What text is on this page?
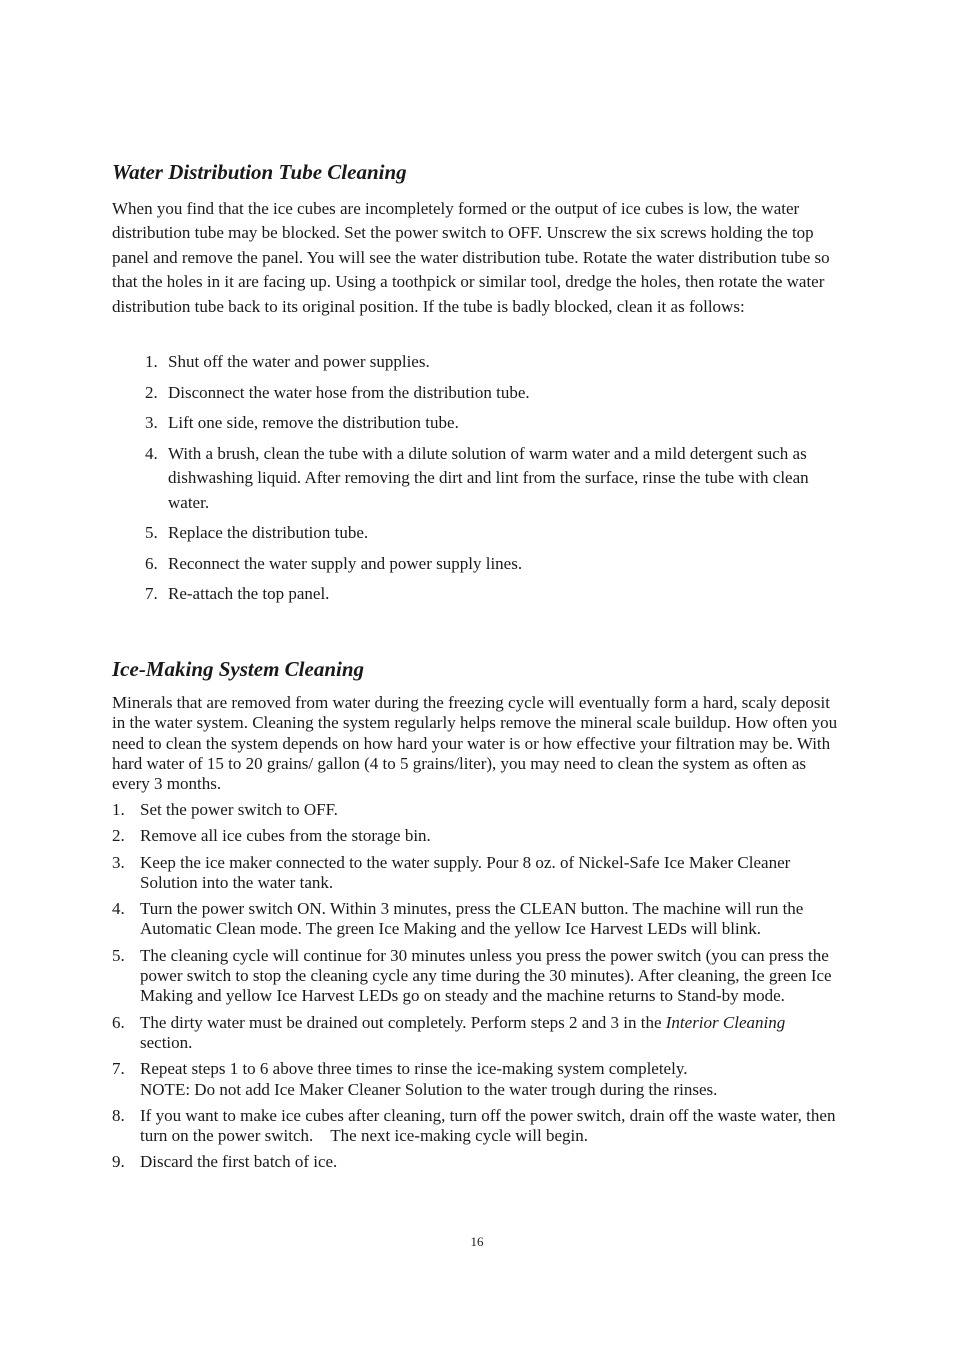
Water Distribution Tube Cleaning

When you find that the ice cubes are incompletely formed or the output of ice cubes is low, the water distribution tube may be blocked. Set the power switch to OFF. Unscrew the six screws holding the top panel and remove the panel. You will see the water distribution tube. Rotate the water distribution tube so that the holes in it are facing up. Using a toothpick or similar tool, dredge the holes, then rotate the water distribution tube back to its original position. If the tube is badly blocked, clean it as follows:

1. Shut off the water and power supplies.
2. Disconnect the water hose from the distribution tube.
3. Lift one side, remove the distribution tube.
4. With a brush, clean the tube with a dilute solution of warm water and a mild detergent such as dishwashing liquid. After removing the dirt and lint from the surface, rinse the tube with clean water.
5. Replace the distribution tube.
6. Reconnect the water supply and power supply lines.
7. Re-attach the top panel.
Ice-Making System Cleaning

Minerals that are removed from water during the freezing cycle will eventually form a hard, scaly deposit in the water system. Cleaning the system regularly helps remove the mineral scale buildup. How often you need to clean the system depends on how hard your water is or how effective your filtration may be. With hard water of 15 to 20 grains/ gallon (4 to 5 grains/liter), you may need to clean the system as often as every 3 months.

1. Set the power switch to OFF.
2. Remove all ice cubes from the storage bin.
3. Keep the ice maker connected to the water supply. Pour 8 oz. of Nickel-Safe Ice Maker Cleaner Solution into the water tank.
4. Turn the power switch ON. Within 3 minutes, press the CLEAN button. The machine will run the Automatic Clean mode. The green Ice Making and the yellow Ice Harvest LEDs will blink.
5. The cleaning cycle will continue for 30 minutes unless you press the power switch (you can press the power switch to stop the cleaning cycle any time during the 30 minutes). After cleaning, the green Ice Making and yellow Ice Harvest LEDs go on steady and the machine returns to Stand-by mode.
6. The dirty water must be drained out completely. Perform steps 2 and 3 in the Interior Cleaning section.
7. Repeat steps 1 to 6 above three times to rinse the ice-making system completely.
NOTE: Do not add Ice Maker Cleaner Solution to the water trough during the rinses.
8. If you want to make ice cubes after cleaning, turn off the power switch, drain off the waste water, then turn on the power switch.    The next ice-making cycle will begin.
9. Discard the first batch of ice.
16
